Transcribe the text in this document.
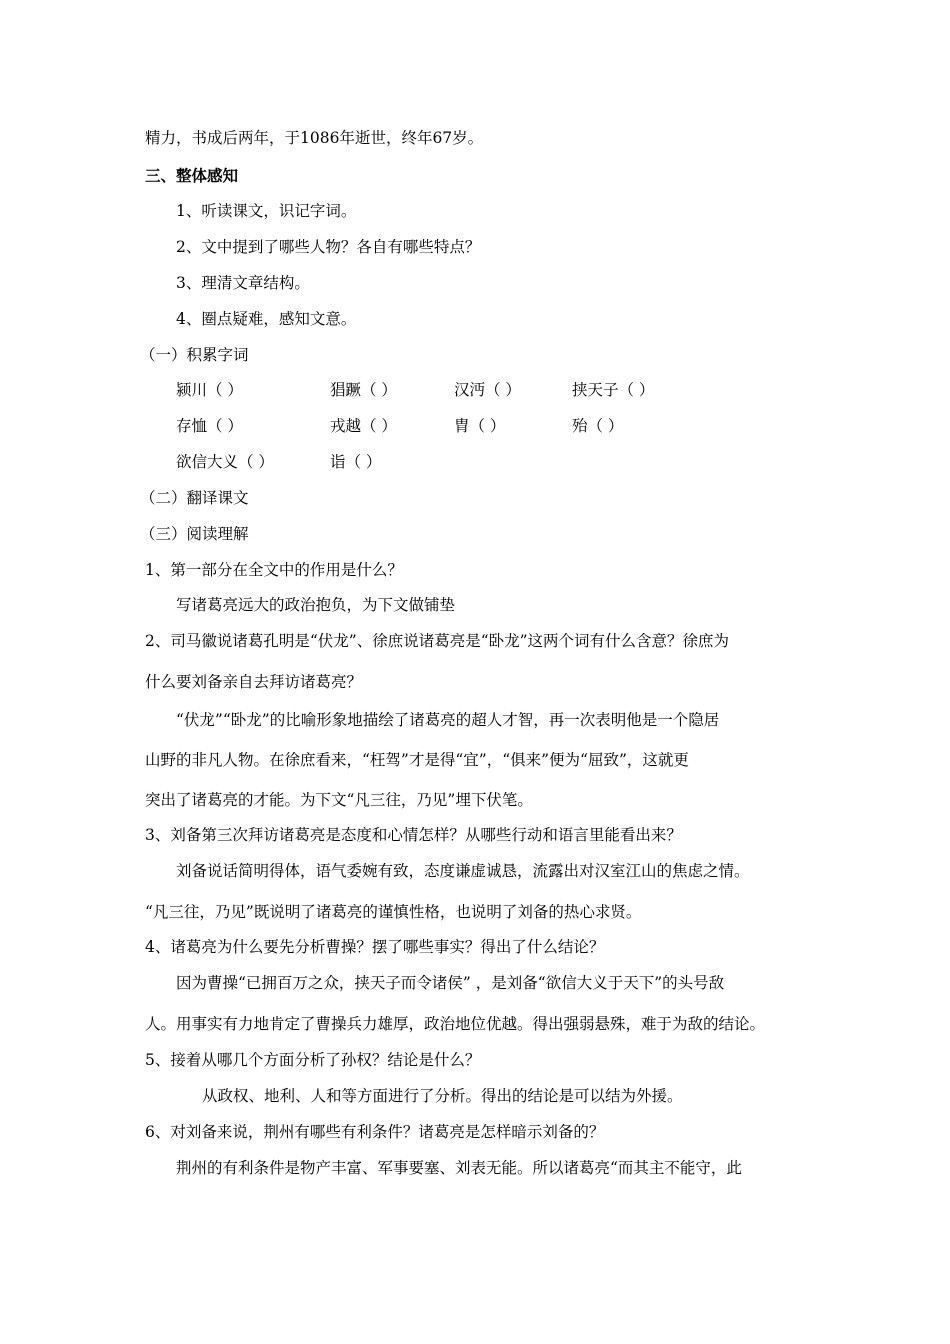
精力，书成后两年，于1086年逝世，终年67岁。
三、整体感知
1、听读课文，识记字词。
2、文中提到了哪些人物？各自有哪些特点？
3、理清文章结构。
4、圈点疑难，感知文意。
（一）积累字词
（二）翻译课文
（三）阅读理解
1、第一部分在全文中的作用是什么？
写诸葛亮远大的政治抱负，为下文做铺垫
2、司马徽说诸葛孔明是“伏龙”、徐庶说诸葛亮是“卧龙”这两个词有什么含意？徐庶为
什么要刘备亲自去拜访诸葛亮？
“伏龙”“卧龙”的比喻形象地描绘了诸葛亮的超人才智，再一次表明他是一个隐居
山野的非凡人物。在徐庶看来，“枉驾”才是得“宜”，“俱来”便为“屈致”，这就更
突出了诸葛亮的才能。为下文“凡三往，乃见”埋下伏笔。
3、刘备第三次拜访诸葛亮是态度和心情怎样？从哪些行动和语言里能看出来？
刘备说话简明得体，语气委婉有致，态度谦虚诚恳，流露出对汉室江山的焦虑之情。
“凡三往，乃见”既说明了诸葛亮的谨慎性格，也说明了刘备的热心求贤。
4、诸葛亮为什么要先分析曹操？摆了哪些事实？得出了什么结论？
因为曹操“已拥百万之众，挟天子而令诸侯” ，是刘备“欲信大义于天下”的头号敌
人。用事实有力地肯定了曹操兵力雄厚，政治地位优越。得出强弱悬殊，难于为敌的结论。
5、接着从哪几个方面分析了孙权？结论是什么？
从政权、地利、人和等方面进行了分析。得出的结论是可以结为外援。
6、对刘备来说，荆州有哪些有利条件？诸葛亮是怎样暗示刘备的？
荆州的有利条件是物产丰富、军事要塞、刘表无能。所以诸葛亮“而其主不能守，此
颍川（ ）	猖蹶（ ）	汉沔（ ）	挟天子（ ）
存恤（ ）	戎越（ ）	胄（ ）	殆（ ）
欲信大义（ ）	诣（ ）
